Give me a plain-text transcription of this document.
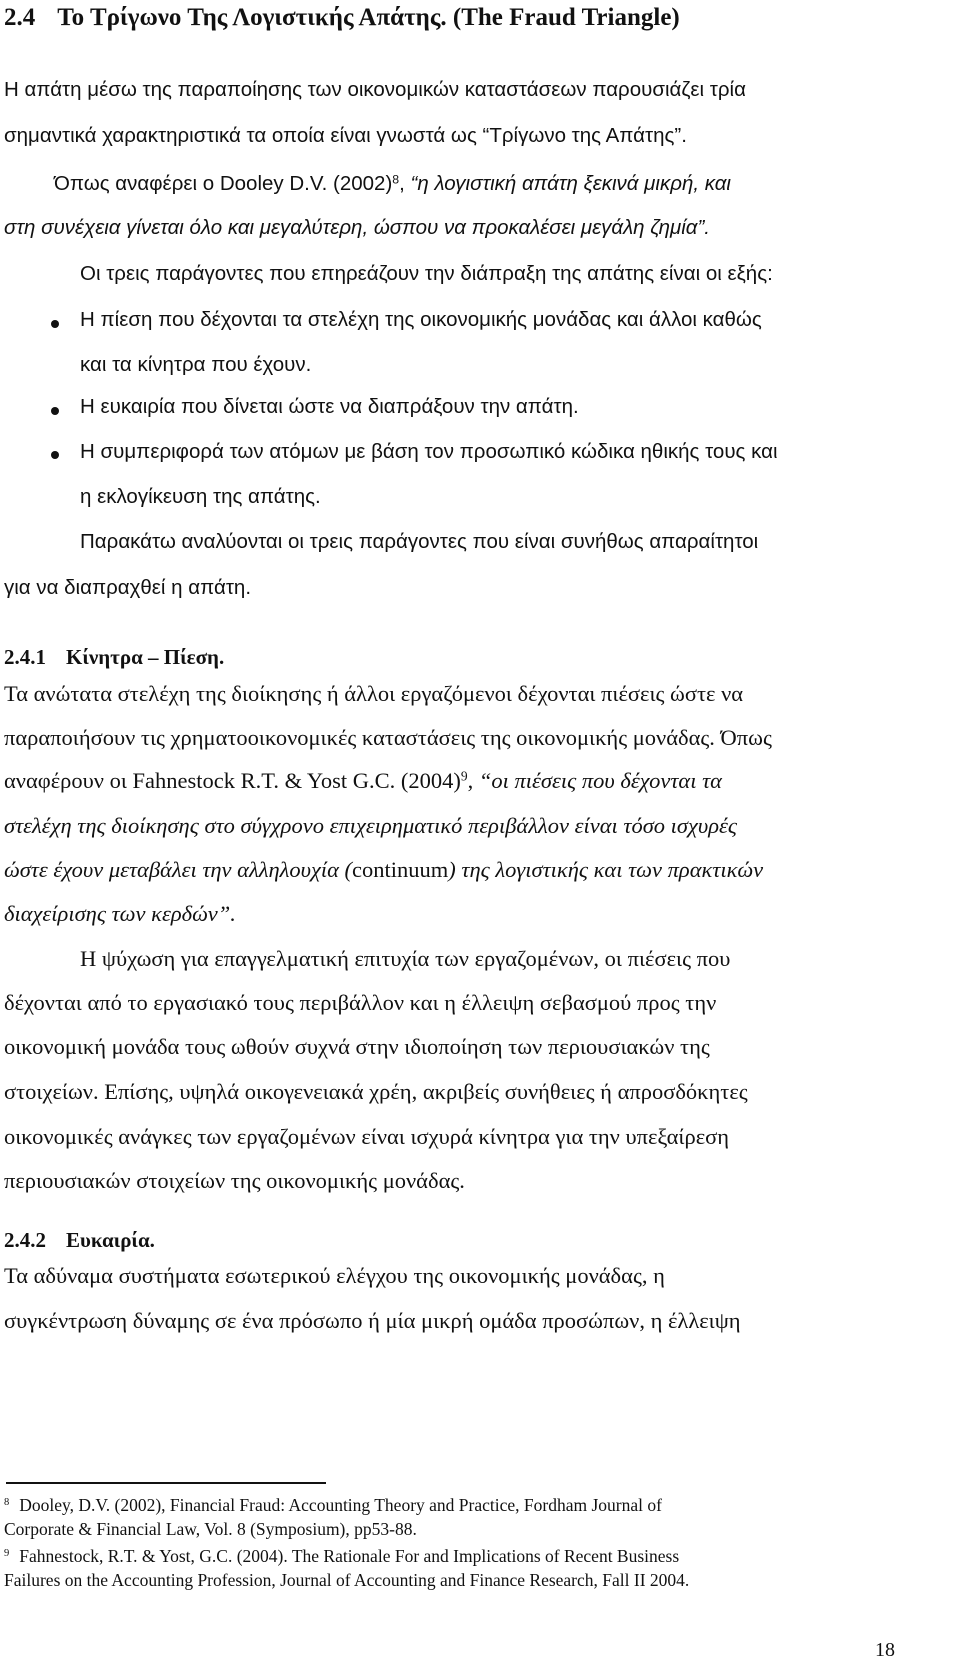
2.4 Το Τρίγωνο Της Λογιστικής Απάτης. (The Fraud Triangle)
Η απάτη μέσω της παραποίησης των οικονομικών καταστάσεων παρουσιάζει τρία
σημαντικά χαρακτηριστικά τα οποία είναι γνωστά ως “Τρίγωνο της Απάτης”.
Όπως αναφέρει ο Dooley D.V. $(2002)^8$, “η λογιστική απάτη ξεκινά μικρή, και
στη συνέχεια γίνεται όλο και μεγαλύτερη, ώσπου να προκαλέσει μεγάλη ζημία”.
Οι τρεις παράγοντες που επηρεάζουν την διάπραξη της απάτης είναι οι εξής:
Η πίεση που δέχονται τα στελέχη της οικονομικής μονάδας και άλλοι καθώς
και τα κίνητρα που έχουν.
Η ευκαιρία που δίνεται ώστε να διαπράξουν την απάτη.
Η συμπεριφορά των ατόμων με βάση τον προσωπικό κώδικα ηθικής τους και
η εκλογίκευση της απάτης.
Παρακάτω αναλύονται οι τρεις παράγοντες που είναι συνήθως απαραίτητοι
για να διαπραχθεί η απάτη.
2.4.1 Κίνητρα – Πίεση.
Τα ανώτατα στελέχη της διοίκησης ή άλλοι εργαζόμενοι δέχονται πιέσεις ώστε να
παραποιήσουν τις χρηματοοικονομικές καταστάσεις της οικονομικής μονάδας. Όπως
αναφέρουν οι Fahnestock R.T. & Yost G.C. $(2004)^9$, “οι πιέσεις που δέχονται τα
στελέχη της διοίκησης στο σύγχρονο επιχειρηματικό περιβάλλον είναι τόσο ισχυρές
ώστε έχουν μεταβάλει την αλληλουχία (continuum) της λογιστικής και των πρακτικών
διαχείρισης των κερδών”.
Η ψύχωση για επαγγελματική επιτυχία των εργαζομένων, οι πιέσεις που
δέχονται από το εργασιακό τους περιβάλλον και η έλλειψη σεβασμού προς την
οικονομική μονάδα τους ωθούν συχνά στην ιδιοποίηση των περιουσιακών της
στοιχείων. Επίσης, υψηλά οικογενειακά χρέη, ακριβείς συνήθειες ή απροσδόκητες
οικονομικές ανάγκες των εργαζομένων είναι ισχυρά κίνητρα για την υπεξαίρεση
περιουσιακών στοιχείων της οικονομικής μονάδας.
2.4.2 Ευκαιρία.
Τα αδύναμα συστήματα εσωτερικού ελέγχου της οικονομικής μονάδας, η
συγκέντρωση δύναμης σε ένα πρόσωπο ή μία μικρή ομάδα προσώπων, η έλλειψη
$^8$ Dooley, D.V. (2002), Financial Fraud: Accounting Theory and Practice, Fordham Journal of
Corporate & Financial Law, Vol. 8 (Symposium), pp53-88.
$^9$ Fahnestock, R.T. & Yost, G.C. (2004). The Rationale For and Implications of Recent Business
Failures on the Accounting Profession, Journal of Accounting and Finance Research, Fall II 2004.
18
